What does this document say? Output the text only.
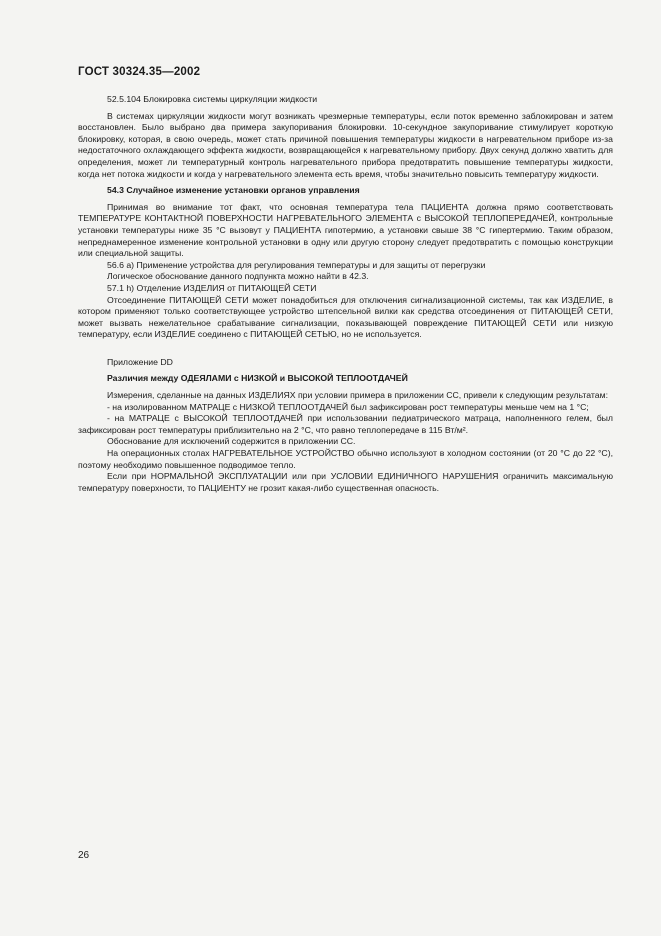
ГОСТ 30324.35—2002

52.5.104 Блокировка системы циркуляции жидкости

В системах циркуляции жидкости могут возникать чрезмерные температуры, если поток временно заблокирован и затем восстановлен. Было выбрано два примера закупоривания блокировки. 10-секундное закупоривание стимулирует короткую блокировку, которая, в свою очередь, может стать причиной повышения температуры жидкости в нагревательном приборе из-за недостаточного охлаждающего эффекта жидкости, возвращающейся к нагревательному прибору. Двух секунд должно хватить для определения, может ли температурный контроль нагревательного прибора предотвратить повышение температуры жидкости, когда нет потока жидкости и когда у нагревательного элемента есть время, чтобы значительно повысить температуру жидкости.

54.3 Случайное изменение установки органов управления

Принимая во внимание тот факт, что основная температура тела ПАЦИЕНТА должна прямо соответствовать ТЕМПЕРАТУРЕ КОНТАКТНОЙ ПОВЕРХНОСТИ НАГРЕВАТЕЛЬНОГО ЭЛЕМЕНТА с ВЫСОКОЙ ТЕПЛОПЕРЕДАЧЕЙ, контрольные установки температуры ниже 35 °С вызовут у ПАЦИЕНТА гипотермию, а установки свыше 38 °С гипертермию. Таким образом, непреднамеренное изменение контрольной установки в одну или другую сторону следует предотвратить с помощью конструкции или специальной защиты.

56.6 а) Применение устройства для регулирования температуры и для защиты от перегрузки

Логическое обоснование данного подпункта можно найти в 42.3.

57.1 h) Отделение ИЗДЕЛИЯ от ПИТАЮЩЕЙ СЕТИ

Отсоединение ПИТАЮЩЕЙ СЕТИ может понадобиться для отключения сигнализационной системы, так как ИЗДЕЛИЕ, в котором применяют только соответствующее устройство штепсельной вилки как средства отсоединения от ПИТАЮЩЕЙ СЕТИ, может вызвать нежелательное срабатывание сигнализации, показывающей повреждение ПИТАЮЩЕЙ СЕТИ или низкую температуру, если ИЗДЕЛИЕ соединено с ПИТАЮЩЕЙ СЕТЬЮ, но не используется.

Приложение DD

Различия между ОДЕЯЛАМИ с НИЗКОЙ и ВЫСОКОЙ ТЕПЛООТДАЧЕЙ

Измерения, сделанные на данных ИЗДЕЛИЯХ при условии примера в приложении СС, привели к следующим результатам:

- на изолированном МАТРАЦЕ с НИЗКОЙ ТЕПЛООТДАЧЕЙ был зафиксирован рост температуры меньше чем на 1 °С;

- на МАТРАЦЕ с ВЫСОКОЙ ТЕПЛООТДАЧЕЙ при использовании педиатрического матраца, наполненного гелем, был зафиксирован рост температуры приблизительно на 2 °С, что равно теплопередаче в 115 Вт/м².

Обоснование для исключений содержится в приложении СС.

На операционных столах НАГРЕВАТЕЛЬНОЕ УСТРОЙСТВО обычно используют в холодном состоянии (от 20 °С до 22 °С), поэтому необходимо повышенное подводимое тепло.

Если при НОРМАЛЬНОЙ ЭКСПЛУАТАЦИИ или при УСЛОВИИ ЕДИНИЧНОГО НАРУШЕНИЯ ограничить максимальную температуру поверхности, то ПАЦИЕНТУ не грозит какая-либо существенная опасность.

26
